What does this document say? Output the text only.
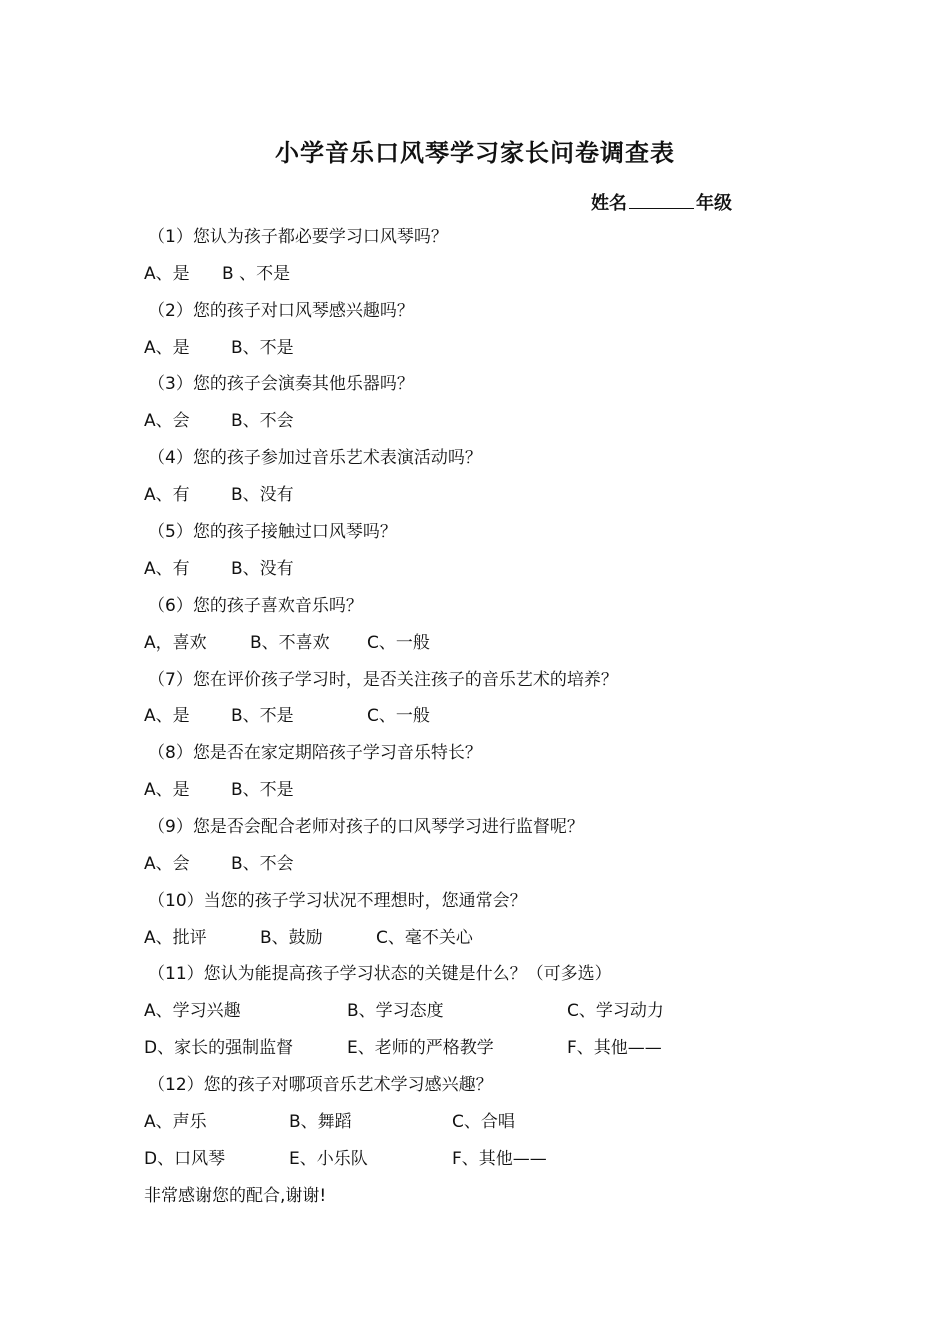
小学音乐口风琴学习家长问卷调查表
姓名	年级
（1）您认为孩子都必要学习口风琴吗？
A、是 B 、不是
（2）您的孩子对口风琴感兴趣吗？
A、是 B、不是
（3）您的孩子会演奏其他乐器吗？
A、会 B、不会
（4）您的孩子参加过音乐艺术表演活动吗？
A、有 B、没有
（5）您的孩子接触过口风琴吗？
A、有 B、没有
（6）您的孩子喜欢音乐吗？
A，喜欢	B、不喜欢 C、一般
（7）您在评价孩子学习时，是否关注孩子的音乐艺术的培养？
A、是 B、不是	C、一般
（8）您是否在家定期陪孩子学习音乐特长？
A、是 B、不是
（9）您是否会配合老师对孩子的口风琴学习进行监督呢？
A、会 B、不会
（10）当您的孩子学习状况不理想时，您通常会？
A、批评	B、鼓励	C、毫不关心
（11）您认为能提高孩子学习状态的关键是什么？（可多选）
A、学习兴趣	B、学习态度	C、学习动力
D、家长的强制监督	E、老师的严格教学	F、其他——
（12）您的孩子对哪项音乐艺术学习感兴趣？
A、声乐	B、舞蹈	C、合唱
D、口风琴	E、小乐队	F、其他——
非常感谢您的配合,谢谢!
